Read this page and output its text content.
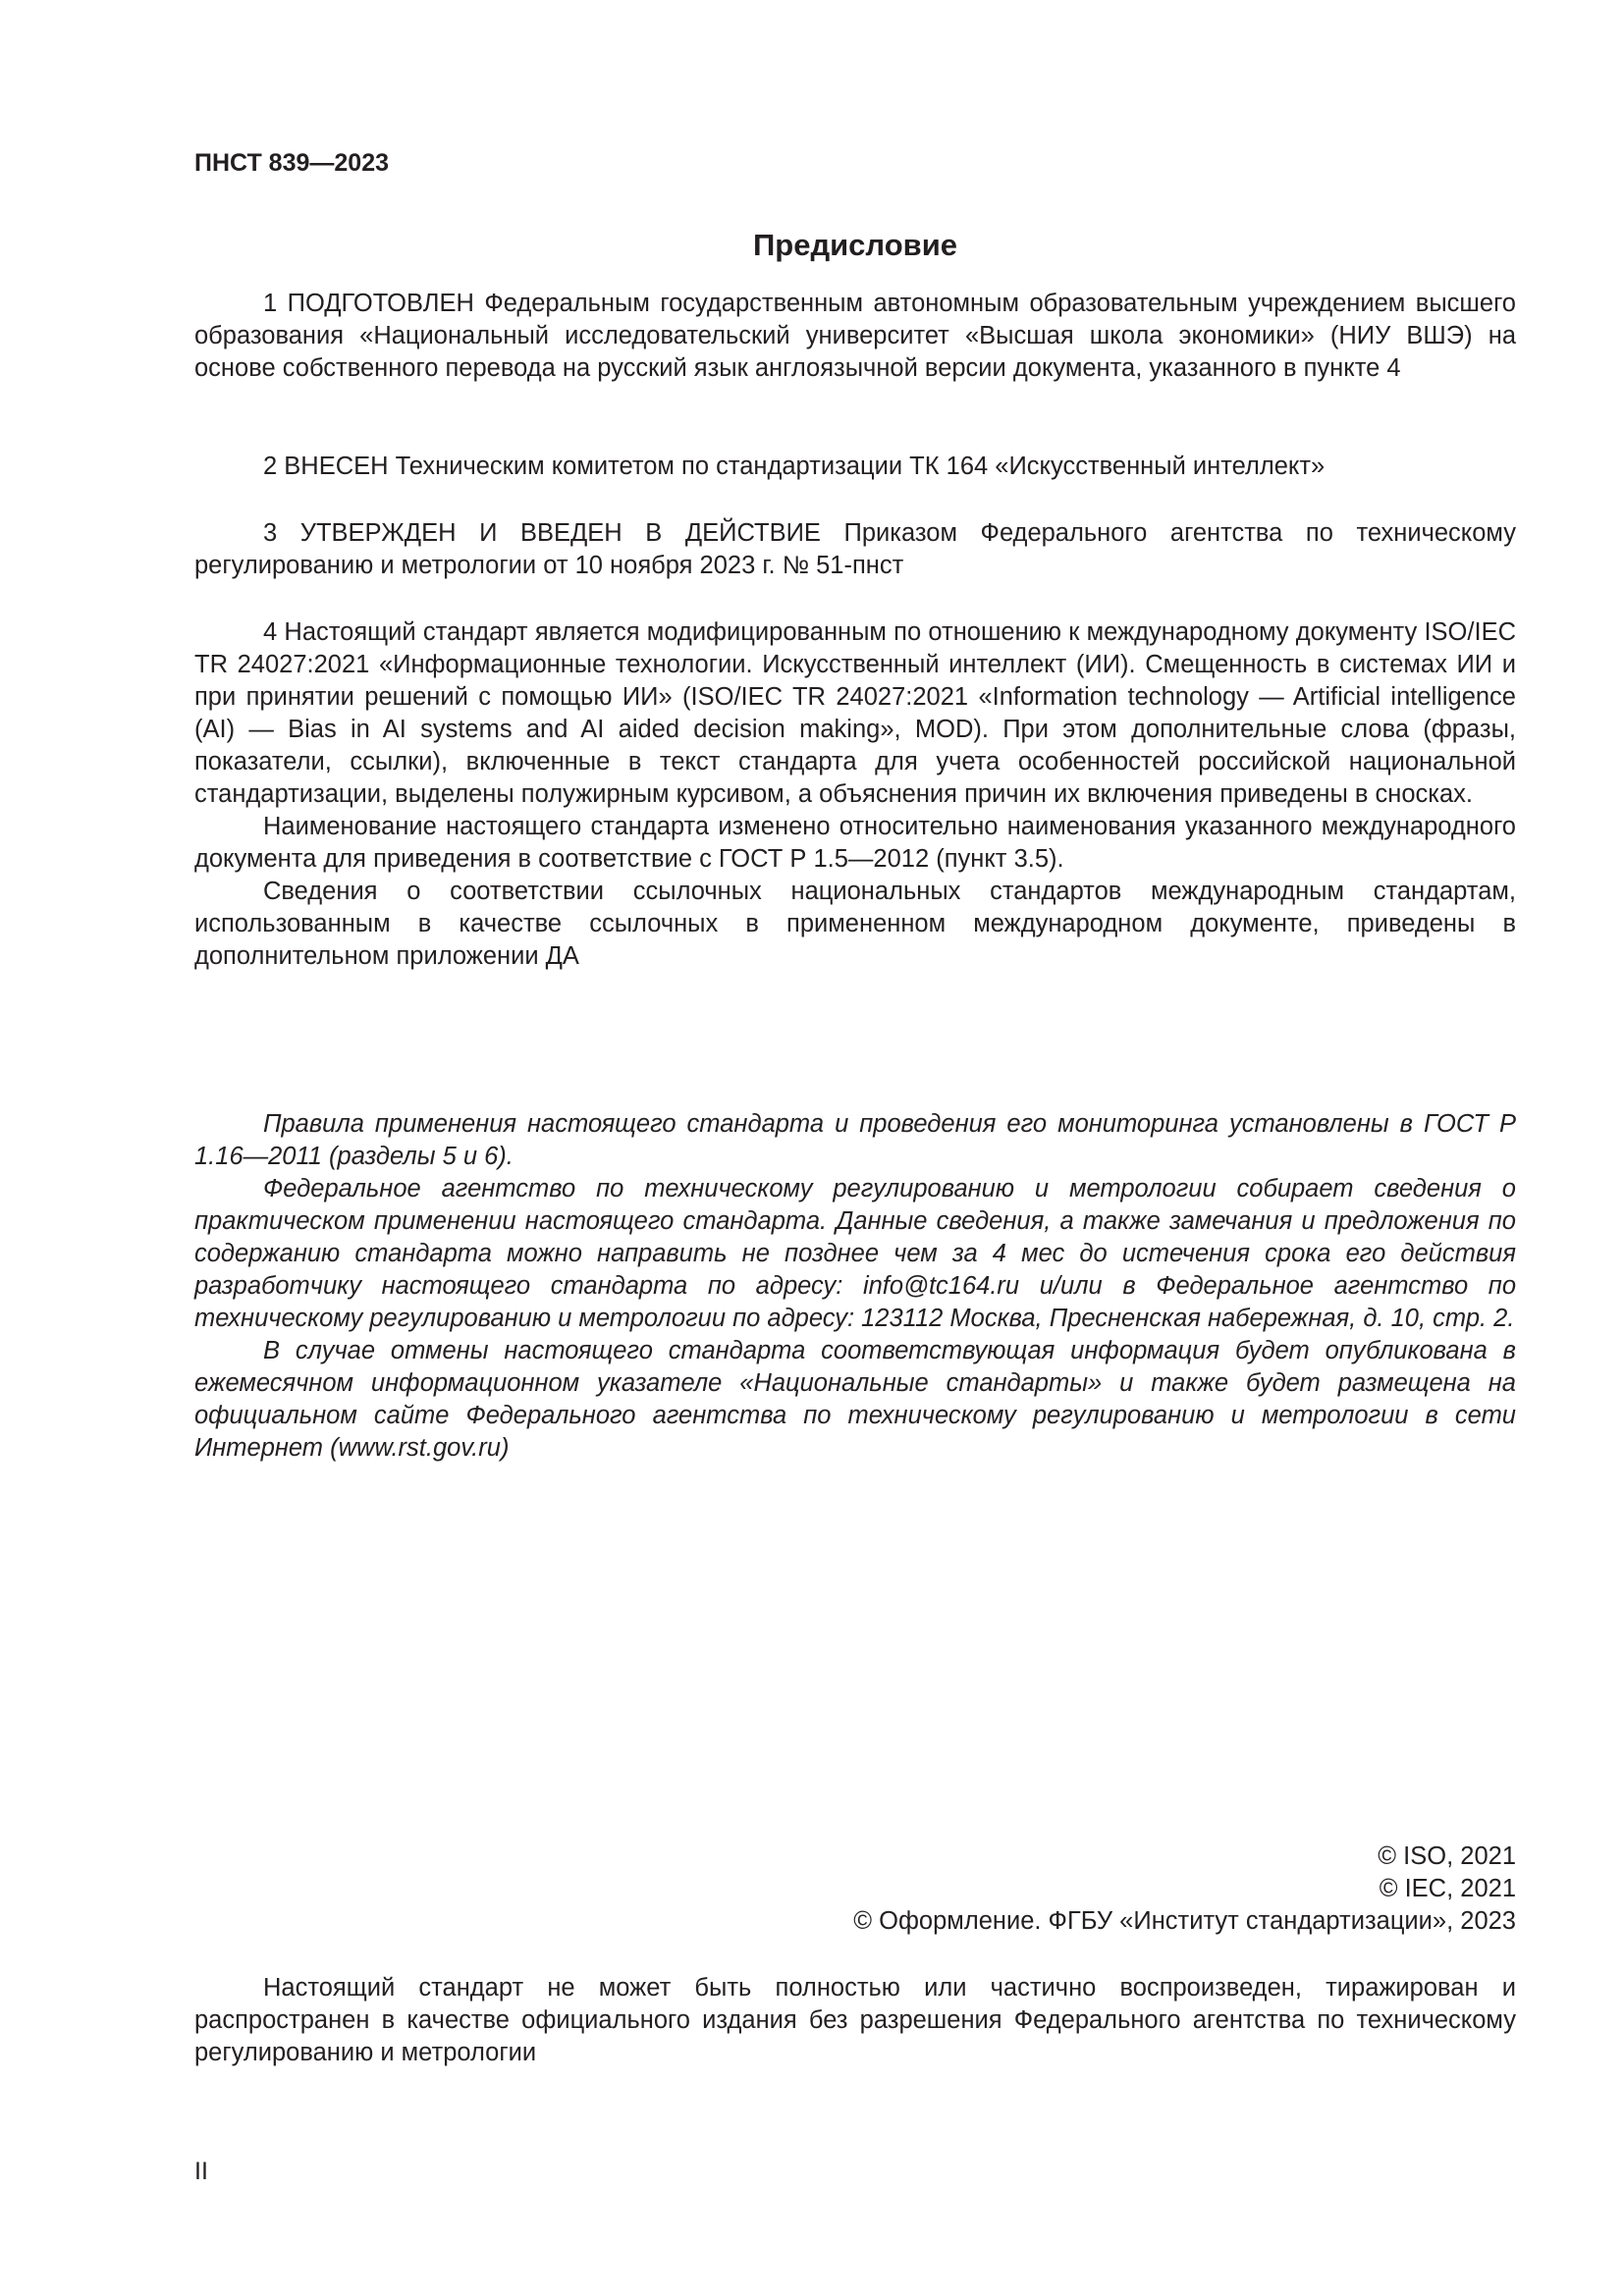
ПНСТ 839—2023
Предисловие

1 ПОДГОТОВЛЕН Федеральным государственным автономным образовательным учреждением высшего образования «Национальный исследовательский университет «Высшая школа экономики» (НИУ ВШЭ) на основе собственного перевода на русский язык англоязычной версии документа, указанного в пункте 4

2 ВНЕСЕН Техническим комитетом по стандартизации ТК 164 «Искусственный интеллект»

3 УТВЕРЖДЕН И ВВЕДЕН В ДЕЙСТВИЕ Приказом Федерального агентства по техническому регулированию и метрологии от 10 ноября 2023 г. № 51-пнст

4 Настоящий стандарт является модифицированным по отношению к международному документу ISO/IEC TR 24027:2021 «Информационные технологии. Искусственный интеллект (ИИ). Смещенность в системах ИИ и при принятии решений с помощью ИИ» (ISO/IEC TR 24027:2021 «Information technology — Artificial intelligence (AI) — Bias in AI systems and AI aided decision making», MOD). При этом дополнительные слова (фразы, показатели, ссылки), включенные в текст стандарта для учета особенностей российской национальной стандартизации, выделены полужирным курсивом, а объяснения причин их включения приведены в сносках.

Наименование настоящего стандарта изменено относительно наименования указанного международного документа для приведения в соответствие с ГОСТ Р 1.5—2012 (пункт 3.5).

Сведения о соответствии ссылочных национальных стандартов международным стандартам, использованным в качестве ссылочных в примененном международном документе, приведены в дополнительном приложении ДА

Правила применения настоящего стандарта и проведения его мониторинга установлены в ГОСТ Р 1.16—2011 (разделы 5 и 6).

Федеральное агентство по техническому регулированию и метрологии собирает сведения о практическом применении настоящего стандарта. Данные сведения, а также замечания и предложения по содержанию стандарта можно направить не позднее чем за 4 мес до истечения срока его действия разработчику настоящего стандарта по адресу: info@tc164.ru и/или в Федеральное агентство по техническому регулированию и метрологии по адресу: 123112 Москва, Пресненская набережная, д. 10, стр. 2.

В случае отмены настоящего стандарта соответствующая информация будет опубликована в ежемесячном информационном указателе «Национальные стандарты» и также будет размещена на официальном сайте Федерального агентства по техническому регулированию и метрологии в сети Интернет (www.rst.gov.ru)

© ISO, 2021
© IEC, 2021
© Оформление. ФГБУ «Институт стандартизации», 2023

Настоящий стандарт не может быть полностью или частично воспроизведен, тиражирован и распространен в качестве официального издания без разрешения Федерального агентства по техническому регулированию и метрологии

II
